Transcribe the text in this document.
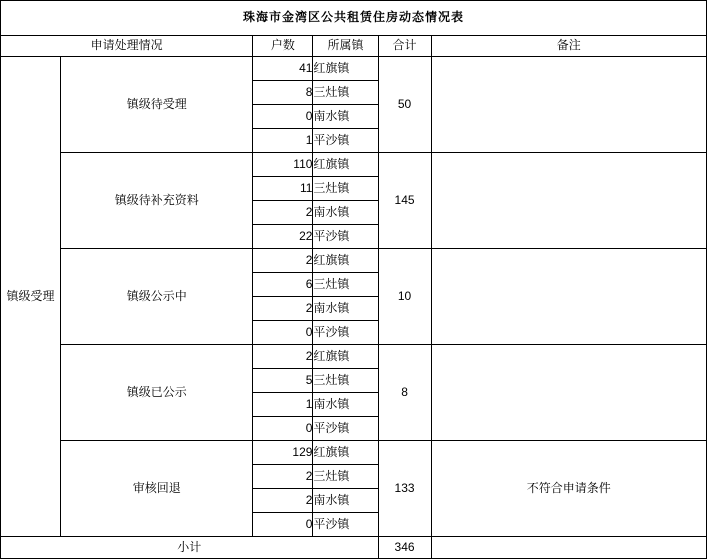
珠海市金湾区公共租赁住房动态情况表					
申请处理情况		户数	所属镇	合计	备注
镇级受理	镇级待受理	41	红旗镇	50	
		8	三灶镇		
		0	南水镇		
		1	平沙镇		
	镇级待补充资料	110	红旗镇	145	
		11	三灶镇		
		2	南水镇		
		22	平沙镇		
	镇级公示中	2	红旗镇	10	
		6	三灶镇		
		2	南水镇		
		0	平沙镇		
	镇级已公示	2	红旗镇	8	
		5	三灶镇		
		1	南水镇		
		0	平沙镇		
	审核回退	129	红旗镇	133	不符合申请条件
		2	三灶镇		
		2	南水镇		
		0	平沙镇		
小计				346	
